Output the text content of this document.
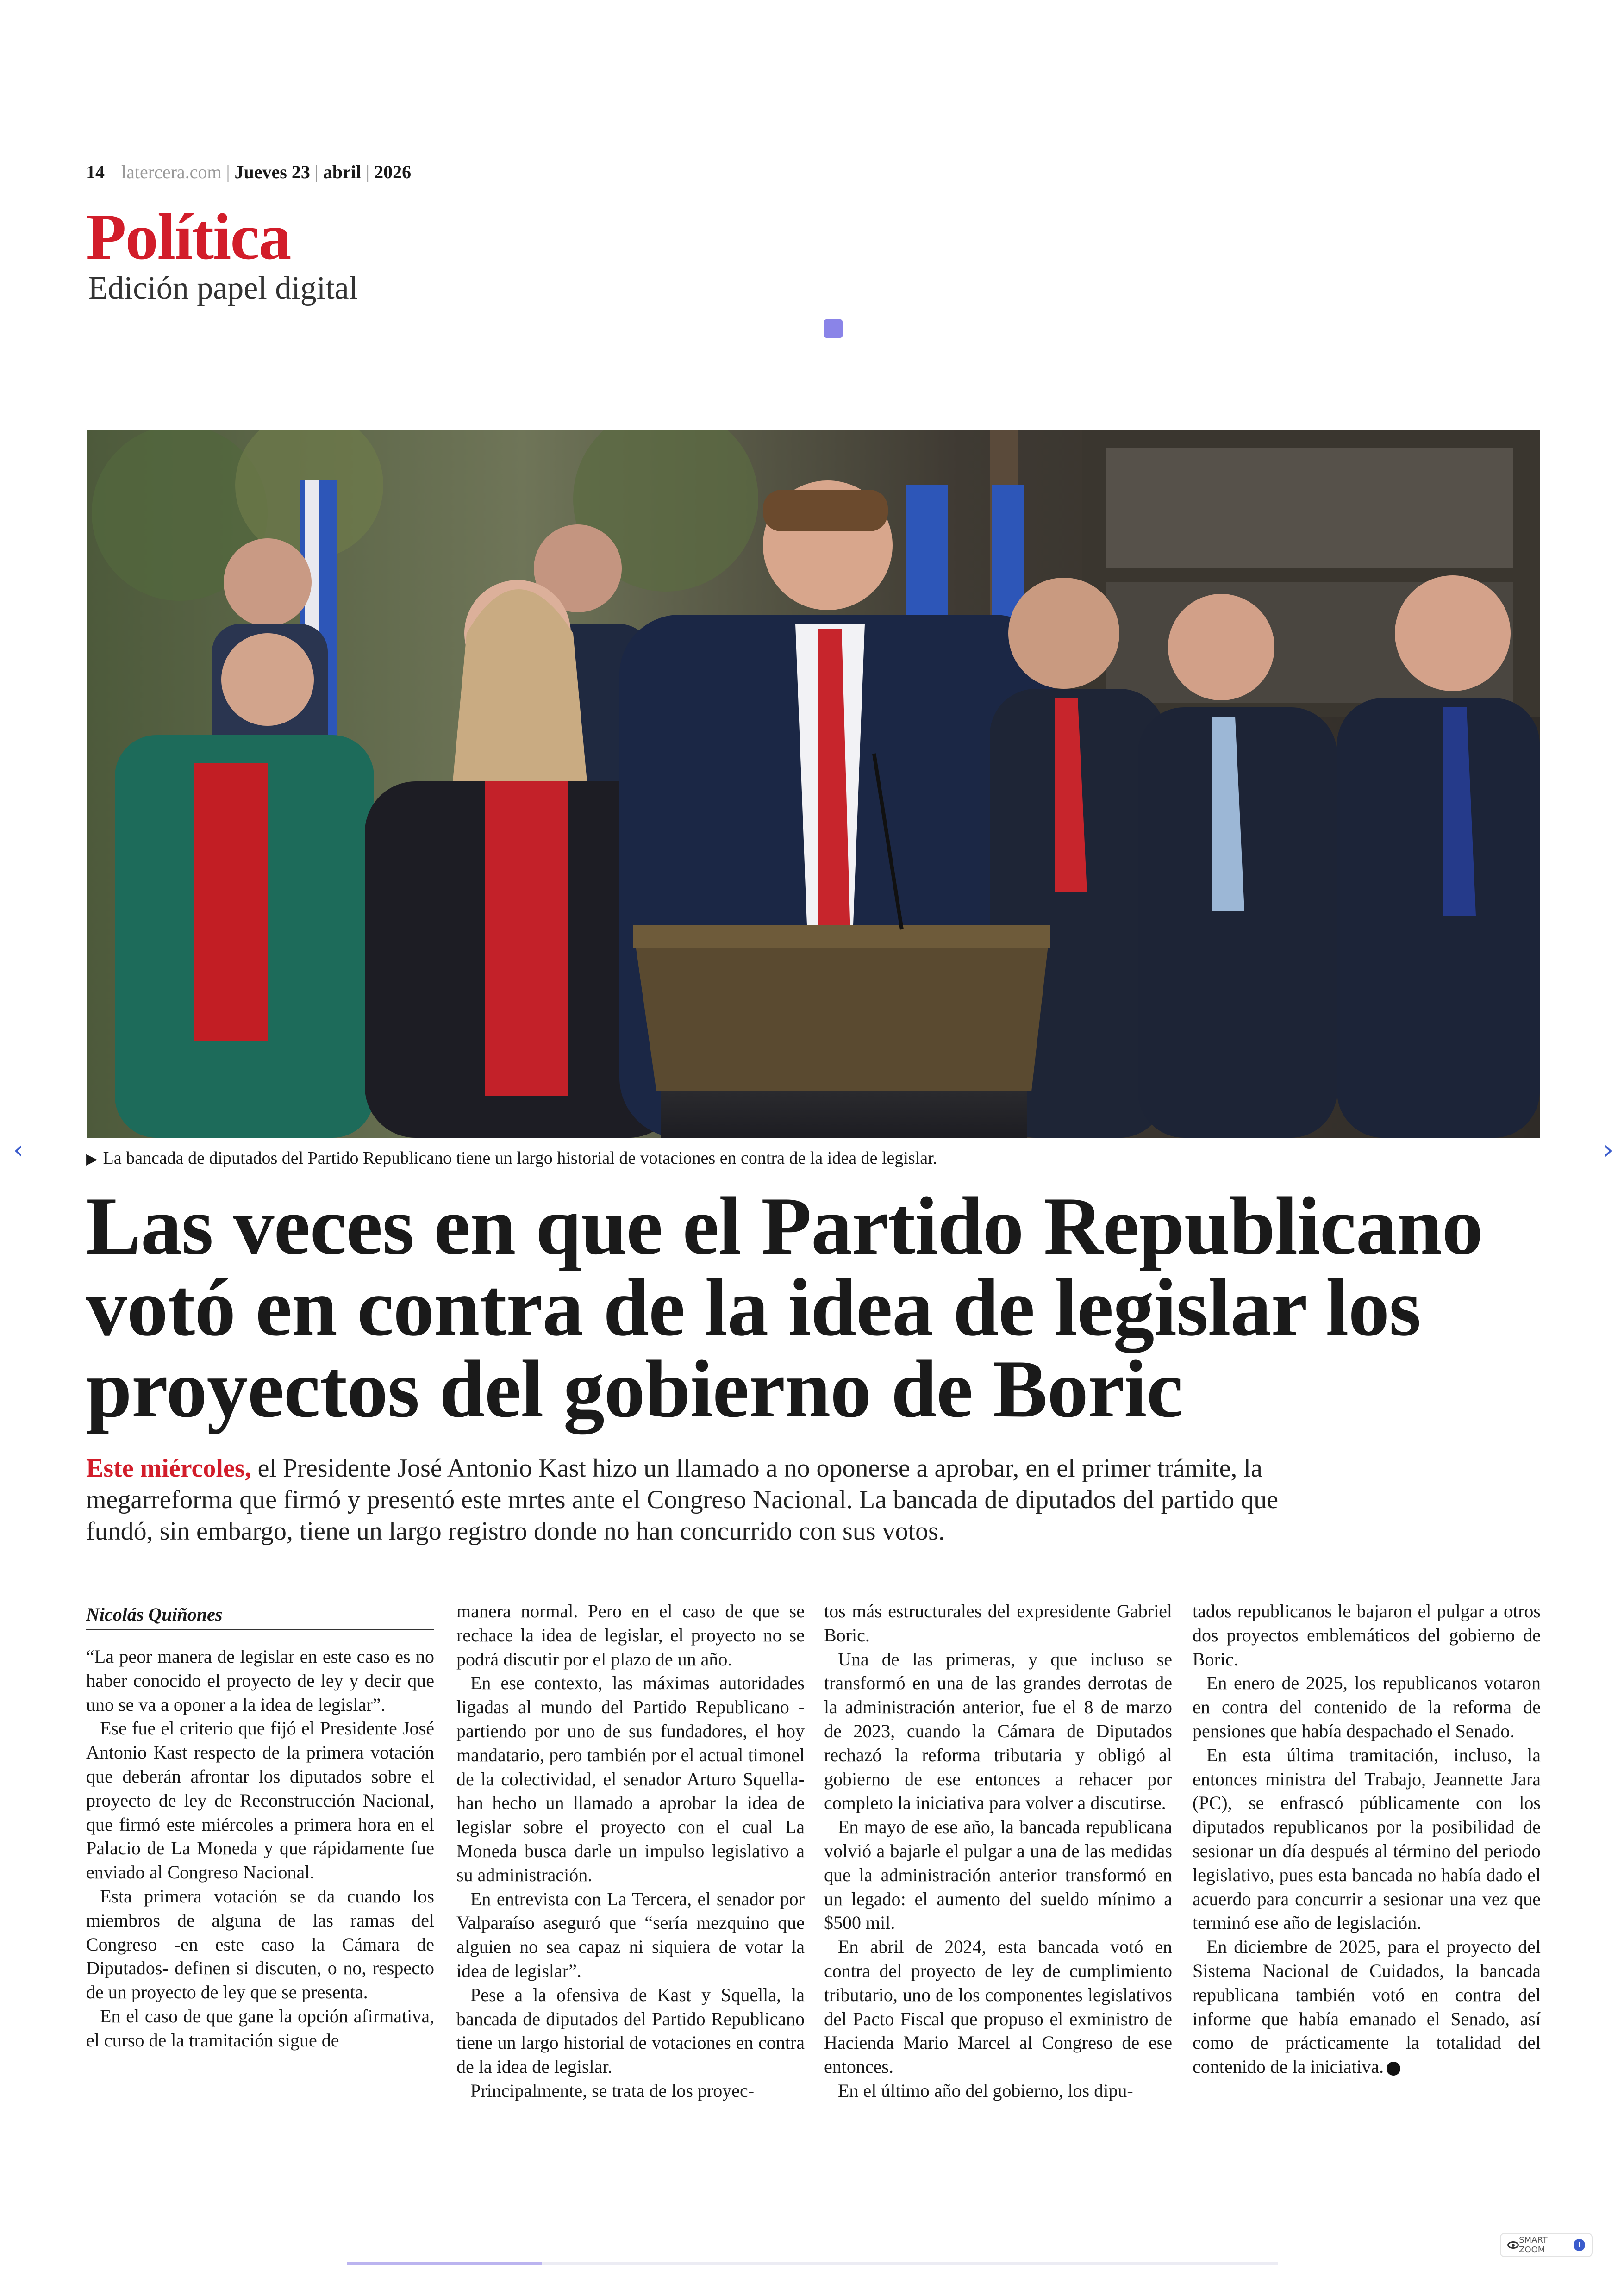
14 latercera.com | Jueves 23 | abril | 2026
Política
Edición papel digital
▶ La bancada de diputados del Partido Republicano tiene un largo historial de votaciones en contra de la idea de legislar.
‹	›
Las veces en que el Partido Republicano votó en contra de la idea de legislar los proyectos del gobierno de Boric
Este miércoles, el Presidente José Antonio Kast hizo un llamado a no oponerse a aprobar, en el primer trámite, la megarreforma que firmó y presentó este mrtes ante el Congreso Nacional. La bancada de diputados del partido que fundó, sin embargo, tiene un largo registro donde no han concurrido con sus votos.
Nicolás Quiñones

“La peor manera de legislar en este caso es no haber conocido el proyecto de ley y decir que uno se va a oponer a la idea de legislar”.

Ese fue el criterio que fijó el Presidente José Antonio Kast respecto de la primera votación que deberán afrontar los diputados sobre el proyecto de ley de Reconstrucción Nacional, que firmó este miércoles a primera hora en el Palacio de La Moneda y que rápidamente fue enviado al Congreso Nacional.

Esta primera votación se da cuando los miembros de alguna de las ramas del Congreso -en este caso la Cámara de Diputados- definen si discuten, o no, respecto de un proyecto de ley que se presenta.

En el caso de que gane la opción afirmativa, el curso de la tramitación sigue de

manera normal. Pero en el caso de que se rechace la idea de legislar, el proyecto no se podrá discutir por el plazo de un año.

En ese contexto, las máximas autoridades ligadas al mundo del Partido Republicano -partiendo por uno de sus fundadores, el hoy mandatario, pero también por el actual timonel de la colectividad, el senador Arturo Squella- han hecho un llamado a aprobar la idea de legislar sobre el proyecto con el cual La Moneda busca darle un impulso legislativo a su administración.

En entrevista con La Tercera, el senador por Valparaíso aseguró que “sería mezquino que alguien no sea capaz ni siquiera de votar la idea de legislar”.

Pese a la ofensiva de Kast y Squella, la bancada de diputados del Partido Republicano tiene un largo historial de votaciones en contra de la idea de legislar.

Principalmente, se trata de los proyec-

tos más estructurales del expresidente Gabriel Boric.

Una de las primeras, y que incluso se transformó en una de las grandes derrotas de la administración anterior, fue el 8 de marzo de 2023, cuando la Cámara de Diputados rechazó la reforma tributaria y obligó al gobierno de ese entonces a rehacer por completo la iniciativa para volver a discutirse.

En mayo de ese año, la bancada republicana volvió a bajarle el pulgar a una de las medidas que la administración anterior transformó en un legado: el aumento del sueldo mínimo a $500 mil.

En abril de 2024, esta bancada votó en contra del proyecto de ley de cumplimiento tributario, uno de los componentes legislativos del Pacto Fiscal que propuso el exministro de Hacienda Mario Marcel al Congreso de ese entonces.

En el último año del gobierno, los dipu-

tados republicanos le bajaron el pulgar a otros dos proyectos emblemáticos del gobierno de Boric.

En enero de 2025, los republicanos votaron en contra del contenido de la reforma de pensiones que había despachado el Senado.

En esta última tramitación, incluso, la entonces ministra del Trabajo, Jeannette Jara (PC), se enfrascó públicamente con los diputados republicanos por la posibilidad de sesionar un día después al término del periodo legislativo, pues esta bancada no había dado el acuerdo para concurrir a sesionar una vez que terminó ese año de legislación.

En diciembre de 2025, para el proyecto del Sistema Nacional de Cuidados, la bancada republicana también votó en contra del informe que había emanado el Senado, así como de prácticamente la totalidad del contenido de la iniciativa.

SMART ZOOM
i
